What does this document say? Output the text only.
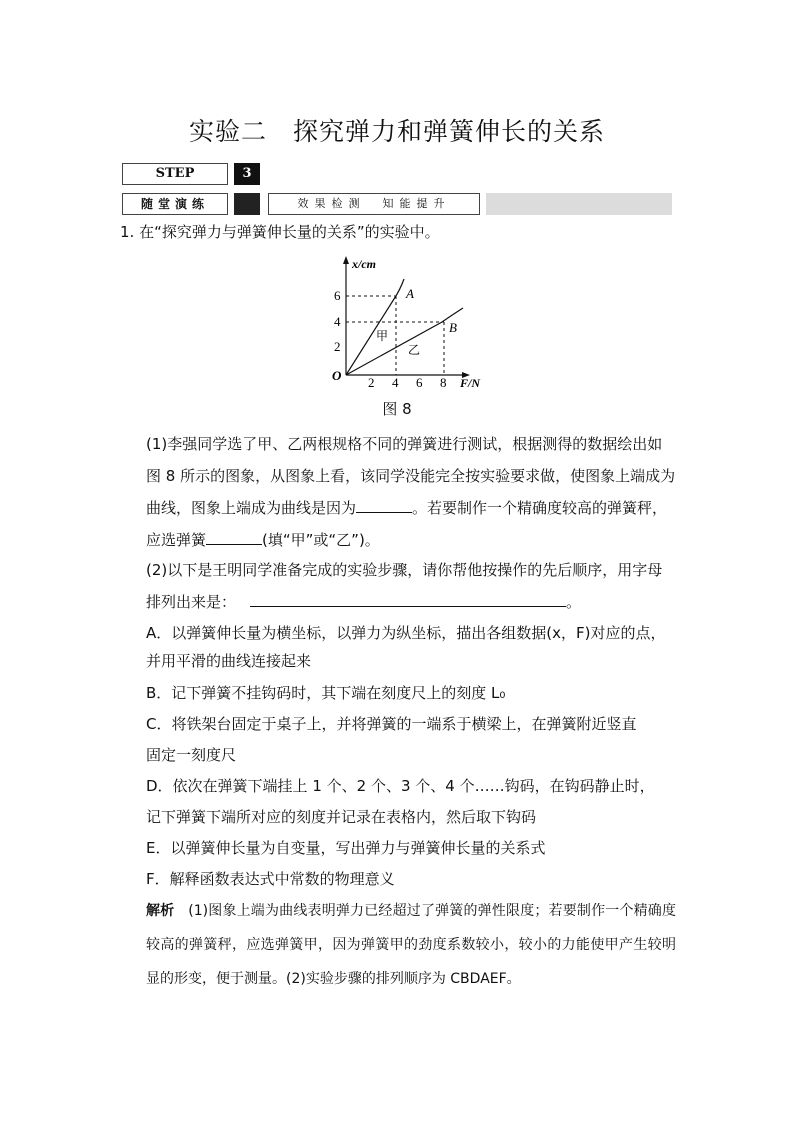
实验二　探究弹力和弹簧伸长的关系
STEP	3
随堂演练	效果检测　知能提升
1. 在“探究弹力与弹簧伸长量的关系”的实验中。
x/cm
6
4
2
O 2 4 6 8 F/N
A
B
甲
乙
图 8
(1)李强同学选了甲、乙两根规格不同的弹簧进行测试，根据测得的数据绘出如图 8 所示的图象，从图象上看，该同学没能完全按实验要求做，使图象上端成为曲线，图象上端成为曲线是因为	。若要制作一个精确度较高的弹簧秤，应选弹簧	(填“甲”或“乙”)。
(2)以下是王明同学准备完成的实验步骤，请你帮他按操作的先后顺序，用字母排列出来是：	。
A．以弹簧伸长量为横坐标，以弹力为纵坐标，描出各组数据(x，F)对应的点，
并用平滑的曲线连接起来
B．记下弹簧不挂钩码时，其下端在刻度尺上的刻度 L₀
C．将铁架台固定于桌子上，并将弹簧的一端系于横梁上，在弹簧附近竖直
固定一刻度尺
D．依次在弹簧下端挂上 1 个、2 个、3 个、4 个……钩码，在钩码静止时，
记下弹簧下端所对应的刻度并记录在表格内，然后取下钩码
E．以弹簧伸长量为自变量，写出弹力与弹簧伸长量的关系式
F．解释函数表达式中常数的物理意义
解析 (1)图象上端为曲线表明弹力已经超过了弹簧的弹性限度；若要制作一个精确度较高的弹簧秤，应选弹簧甲，因为弹簧甲的劲度系数较小，较小的力能使甲产生较明显的形变，便于测量。(2)实验步骤的排列顺序为 CBDAEF。
